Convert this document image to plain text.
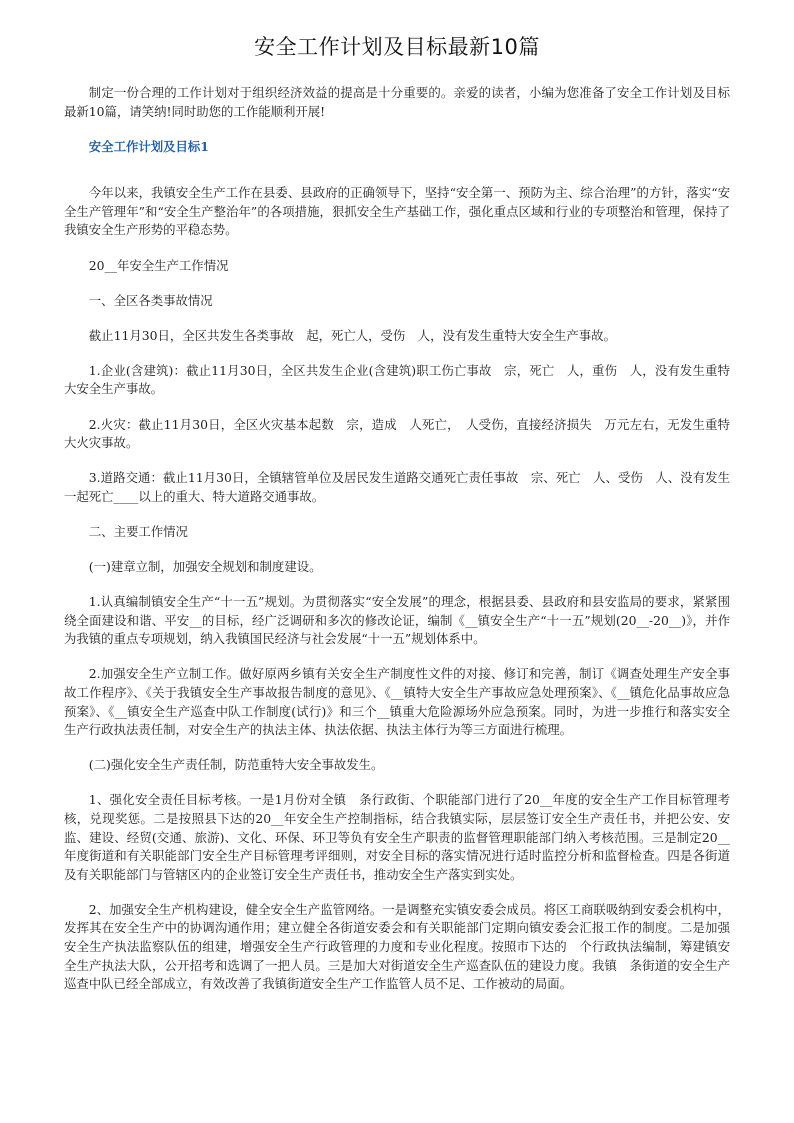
安全工作计划及目标最新10篇

制定一份合理的工作计划对于组织经济效益的提高是十分重要的。亲爱的读者，小编为您准备了安全工作计划及目标最新10篇，请笑纳!同时助您的工作能顺利开展!

安全工作计划及目标1

今年以来，我镇安全生产工作在县委、县政府的正确领导下，坚持“安全第一、预防为主、综合治理”的方针，落实“安全生产管理年”和“安全生产整治年”的各项措施，狠抓安全生产基础工作，强化重点区域和行业的专项整治和管理，保持了我镇安全生产形势的平稳态势。

20__年安全生产工作情况

一、全区各类事故情况

截止11月30日，全区共发生各类事故　起，死亡人，受伤　人，没有发生重特大安全生产事故。

1.企业(含建筑)：截止11月30日，全区共发生企业(含建筑)职工伤亡事故　宗，死亡　人，重伤　人，没有发生重特大安全生产事故。

2.火灾：截止11月30日，全区火灾基本起数　宗，造成　人死亡，　人受伤，直接经济损失　万元左右，无发生重特大火灾事故。

3.道路交通：截止11月30日，全镇辖管单位及居民发生道路交通死亡责任事故　宗、死亡　人、受伤　人、没有发生一起死亡____以上的重大、特大道路交通事故。

二、主要工作情况

(一)建章立制，加强安全规划和制度建设。

1.认真编制镇安全生产“十一五”规划。为贯彻落实“安全发展”的理念，根据县委、县政府和县安监局的要求，紧紧围绕全面建设和谐、平安__的目标，经广泛调研和多次的修改论证，编制《__镇安全生产“十一五”规划(20__-20__)》，并作为我镇的重点专项规划，纳入我镇国民经济与社会发展“十一五”规划体系中。

2.加强安全生产立制工作。做好原两乡镇有关安全生产制度性文件的对接、修订和完善，制订《调查处理生产安全事故工作程序》、《关于我镇安全生产事故报告制度的意见》、《__镇特大安全生产事故应急处理预案》、《__镇危化品事故应急预案》、《__镇安全生产巡查中队工作制度(试行)》和三个__镇重大危险源场外应急预案。同时，为进一步推行和落实安全生产行政执法责任制，对安全生产的执法主体、执法依据、执法主体行为等三方面进行梳理。

(二)强化安全生产责任制，防范重特大安全事故发生。

1、强化安全责任目标考核。一是1月份对全镇　条行政街、个职能部门进行了20__年度的安全生产工作目标管理考核，兑现奖惩。二是按照县下达的20__年安全生产控制指标，结合我镇实际，层层签订安全生产责任书，并把公安、安监、建设、经贸(交通、旅游)、文化、环保、环卫等负有安全生产职责的监督管理职能部门纳入考核范围。三是制定20__年度街道和有关职能部门安全生产目标管理考评细则，对安全目标的落实情况进行适时监控分析和监督检查。四是各街道及有关职能部门与管辖区内的企业签订安全生产责任书，推动安全生产落实到实处。

2、加强安全生产机构建设，健全安全生产监管网络。一是调整充实镇安委会成员。将区工商联吸纳到安委会机构中，发挥其在安全生产中的协调沟通作用；建立健全各街道安委会和有关职能部门定期向镇安委会汇报工作的制度。二是加强安全生产执法监察队伍的组建，增强安全生产行政管理的力度和专业化程度。按照市下达的　个行政执法编制，筹建镇安全生产执法大队，公开招考和选调了一把人员。三是加大对街道安全生产巡查队伍的建设力度。我镇　条街道的安全生产巡查中队已经全部成立，有效改善了我镇街道安全生产工作监管人员不足、工作被动的局面。
